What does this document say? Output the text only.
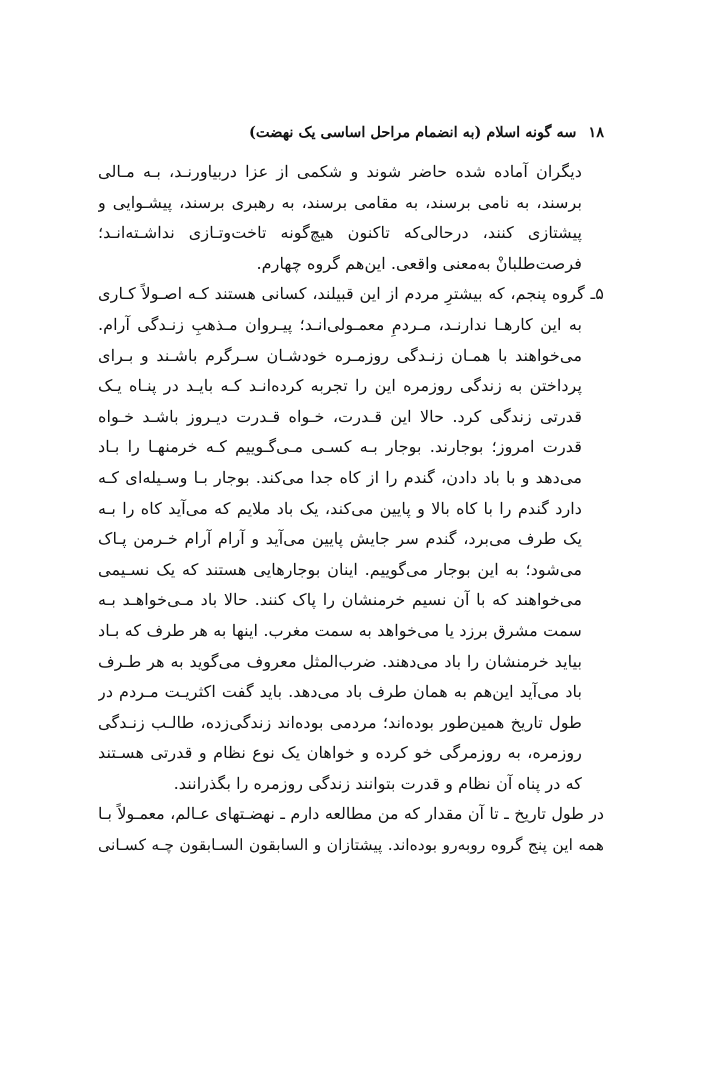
۱۸
سه گونه اسلام (به انضمام مراحل اساسی یک نهضت)
دیگران آماده شده حاضر شوند و شکمی از عزا دربیاورنـد، بـه مـالی
برسند، به نامی برسند، به مقامی برسند، به رهبری برسند، پیشـوایی و
پیشتازی کنند، درحالی‌که تاکنون هیچ‌گونه تاخت‌وتـازی نداشـته‌انـد؛
فرصت‌طلبانْ به‌معنی واقعی. این‌هم گروه چهارم.
۵ـ گروه پنجم، که بیشترِ مردم از این قبیلند، کسانی هستند کـه اصـولاً کـاری
به این کارهـا ندارنـد، مـردمِ معمـولی‌انـد؛ پیـروان مـذهبِ زنـدگی آرام.
می‌خواهند با همـان زنـدگی روزمـره خودشـان سـرگرم باشـند و بـرای
پرداختن به زندگی روزمره این را تجربه کرده‌انـد کـه بایـد در پنـاه یـک
قدرتی زندگی کرد. حالا این قـدرت، خـواه قـدرت دیـروز باشـد خـواه
قدرت امروز؛ بوجارند. بوجار بـه کسـی مـی‌گـوییم کـه خرمنهـا را بـاد
می‌دهد و با باد دادن، گندم را از کاه جدا می‌کند. بوجار بـا وسـیله‌ای کـه
دارد گندم را با کاه بالا و پایین می‌کند، یک باد ملایم که می‌آید کاه را بـه
یک طرف می‌برد، گندم سر جایش پایین می‌آید و آرام آرام خـرمن پـاک
می‌شود؛ به این بوجار می‌گوییم. اینان بوجارهایی هستند که یک نسـیمی
می‌خواهند که با آن نسیم خرمنشان را پاک کنند. حالا باد مـی‌خواهـد بـه
سمت مشرق برزد یا می‌خواهد به سمت مغرب. اینها به هر طرف که بـاد
بیاید خرمنشان را باد می‌دهند. ضرب‌المثل معروف می‌گوید به هر طـرف
باد می‌آید این‌هم به همان طرف باد می‌دهد. باید گفت اکثریـت مـردم در
طول تاریخ همین‌طور بوده‌اند؛ مردمی بوده‌اند زندگی‌زده، طالـب زنـدگی
روزمره، به روزمرگی خو کرده و خواهان یک نوع نظام و قدرتی هسـتند
که در پناه آن نظام و قدرت بتوانند زندگی روزمره را بگذرانند.
در طول تاریخ ـ تا آن مقدار که من مطالعه دارم ـ نهضـتهای عـالم، معمـولاً بـا
همه این پنج گروه روبه‌رو بوده‌اند. پیشتازان و السابقون السـابقون چـه کسـانی
